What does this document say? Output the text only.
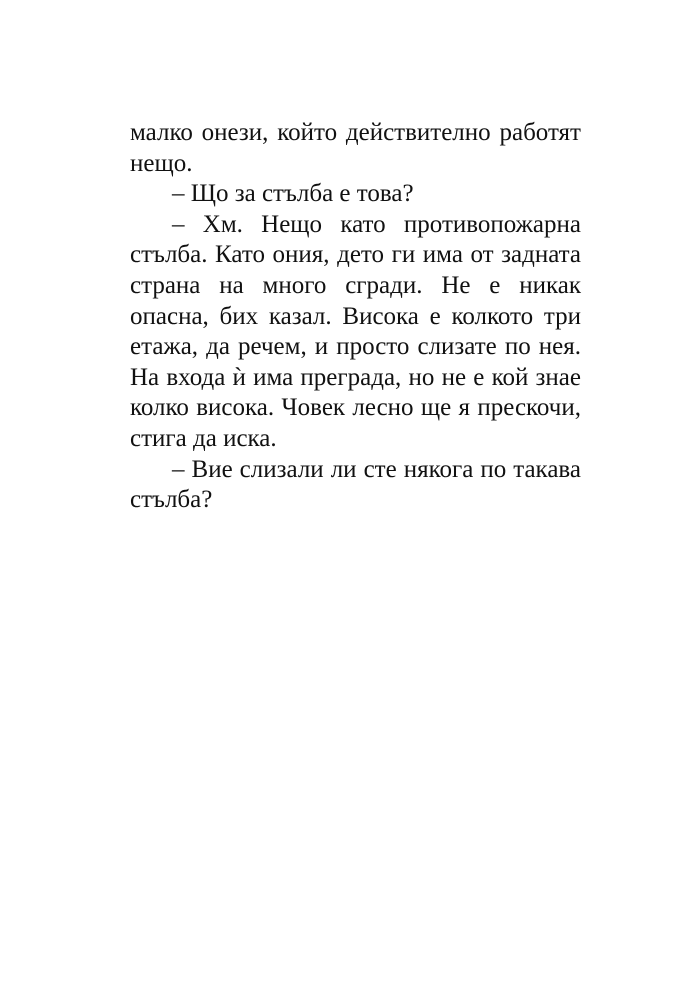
малко онези, който действително работят нещо.

– Що за стълба е това?

– Хм. Нещо като противопожарна стълба. Като ония, дето ги има от задната страна на много сгради. Не е никак опасна, бих казал. Висока е колкото три етажа, да речем, и просто слизате по нея. На входа ѝ има преграда, но не е кой знае колко висока. Човек лесно ще я прескочи, стига да иска.

– Вие слизали ли сте някога по такава стълба?
